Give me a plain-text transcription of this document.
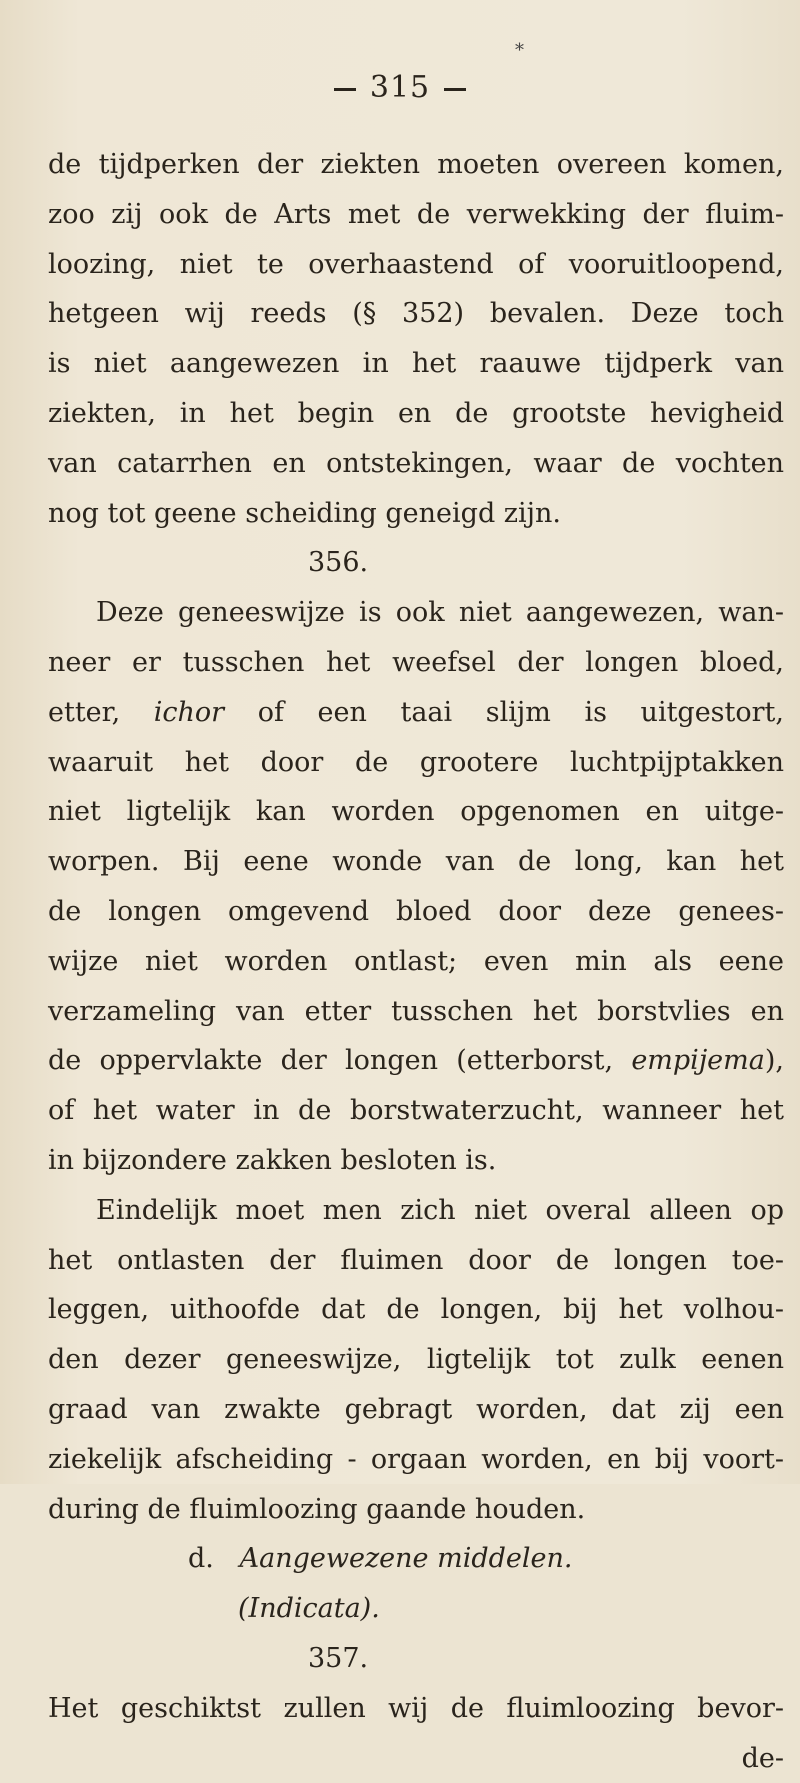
*
315
de tijdperken der ziekten moeten overeen komen,
zoo zij ook de Arts met de verwekking der fluim-
loozing, niet te overhaastend of vooruitloopend,
hetgeen wij reeds (§ 352) bevalen. Deze toch
is niet aangewezen in het raauwe tijdperk van
ziekten, in het begin en de grootste hevigheid
van catarrhen en ontstekingen, waar de vochten
nog tot geene scheiding geneigd zijn.
356.
Deze geneeswijze is ook niet aangewezen, wan-
neer er tusschen het weefsel der longen bloed,
etter, ichor of een taai slijm is uitgestort,
waaruit het door de grootere luchtpijptakken
niet ligtelijk kan worden opgenomen en uitge-
worpen. Bij eene wonde van de long, kan het
de longen omgevend bloed door deze genees-
wijze niet worden ontlast; even min als eene
verzameling van etter tusschen het borstvlies en
de oppervlakte der longen (etterborst, empijema),
of het water in de borstwaterzucht, wanneer het
in bijzondere zakken besloten is.
Eindelijk moet men zich niet overal alleen op
het ontlasten der fluimen door de longen toe-
leggen, uithoofde dat de longen, bij het volhou-
den dezer geneeswijze, ligtelijk tot zulk eenen
graad van zwakte gebragt worden, dat zij een
ziekelijk afscheiding - orgaan worden, en bij voort-
during de fluimloozing gaande houden.
d. Aangewezene middelen.
(Indicata).
357.
Het geschiktst zullen wij de fluimloozing bevor-
de-
